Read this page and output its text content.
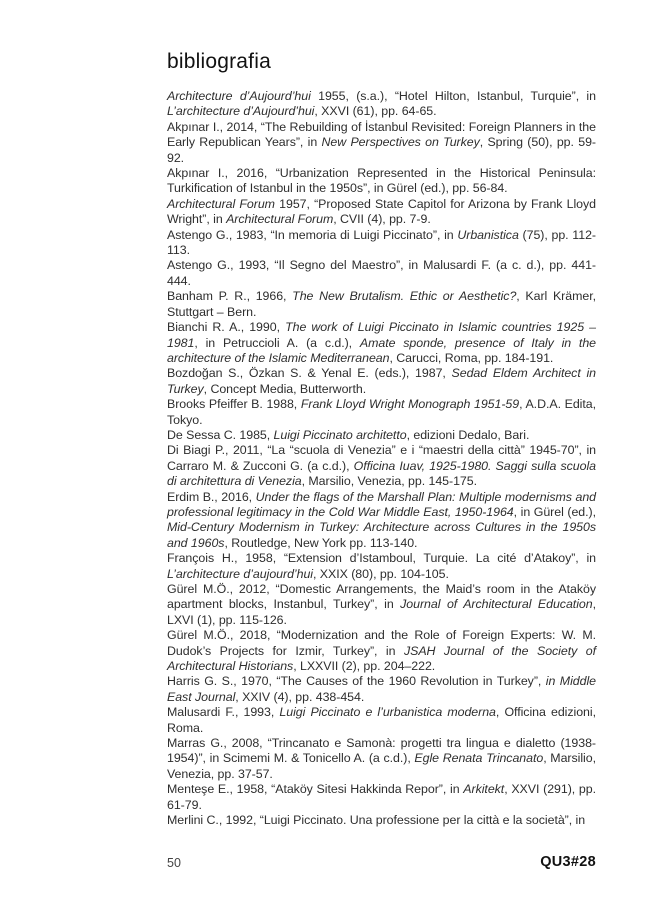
bibliografia
Architecture d’Aujourd’hui 1955, (s.a.), “Hotel Hilton, Istanbul, Turquie”, in L’architecture d’Aujourd’hui, XXVI (61), pp. 64-65.
Akpınar I., 2014, “The Rebuilding of İstanbul Revisited: Foreign Planners in the Early Republican Years”, in New Perspectives on Turkey, Spring (50), pp. 59-92.
Akpınar I., 2016, “Urbanization Represented in the Historical Peninsula: Turkification of Istanbul in the 1950s”, in Gürel (ed.), pp. 56-84.
Architectural Forum 1957, “Proposed State Capitol for Arizona by Frank Lloyd Wright”, in Architectural Forum, CVII (4), pp. 7-9.
Astengo G., 1983, “In memoria di Luigi Piccinato”, in Urbanistica (75), pp. 112-113.
Astengo G., 1993, “Il Segno del Maestro”, in Malusardi F. (a c. d.), pp. 441-444.
Banham P. R., 1966, The New Brutalism. Ethic or Aesthetic?, Karl Krämer, Stuttgart – Bern.
Bianchi R. A., 1990, The work of Luigi Piccinato in Islamic countries 1925 – 1981, in Petruccioli A. (a c.d.), Amate sponde, presence of Italy in the architecture of the Islamic Mediterranean, Carucci, Roma, pp. 184-191.
Bozdoğan S., Özkan S. & Yenal E. (eds.), 1987, Sedad Eldem Architect in Turkey, Concept Media, Butterworth.
Brooks Pfeiffer B. 1988, Frank Lloyd Wright Monograph 1951-59, A.D.A. Edita, Tokyo.
De Sessa C. 1985, Luigi Piccinato architetto, edizioni Dedalo, Bari.
Di Biagi P., 2011, “La “scuola di Venezia” e i “maestri della città” 1945-70”, in Carraro M. & Zucconi G. (a c.d.), Officina Iuav, 1925-1980. Saggi sulla scuola di architettura di Venezia, Marsilio, Venezia, pp. 145-175.
Erdim B., 2016, Under the flags of the Marshall Plan: Multiple modernisms and professional legitimacy in the Cold War Middle East, 1950-1964, in Gürel (ed.), Mid-Century Modernism in Turkey: Architecture across Cultures in the 1950s and 1960s, Routledge, New York pp. 113-140.
François H., 1958, “Extension d’Istamboul, Turquie. La cité d’Atakoy”, in L’architecture d’aujourd’hui, XXIX (80), pp. 104-105.
Gürel M.Ö., 2012, “Domestic Arrangements, the Maid’s room in the Ataköy apartment blocks, Instanbul, Turkey”, in Journal of Architectural Education, LXVI (1), pp. 115-126.
Gürel M.Ö., 2018, “Modernization and the Role of Foreign Experts: W. M. Dudok’s Projects for Izmir, Turkey”, in JSAH Journal of the Society of Architectural Historians, LXXVII (2), pp. 204–222.
Harris G. S., 1970, “The Causes of the 1960 Revolution in Turkey”, in Middle East Journal, XXIV (4), pp. 438-454.
Malusardi F., 1993, Luigi Piccinato e l’urbanistica moderna, Officina edizioni, Roma.
Marras G., 2008, “Trincanato e Samonà: progetti tra lingua e dialetto (1938-1954)”, in Scimemi M. & Tonicello A. (a c.d.), Egle Renata Trincanato, Marsilio, Venezia, pp. 37-57.
Menteşe E., 1958, “Ataköy Sitesi Hakkinda Repor”, in Arkitekt, XXVI (291), pp. 61-79.
Merlini C., 1992, “Luigi Piccinato. Una professione per la città e la società”, in
50	QU3#28
